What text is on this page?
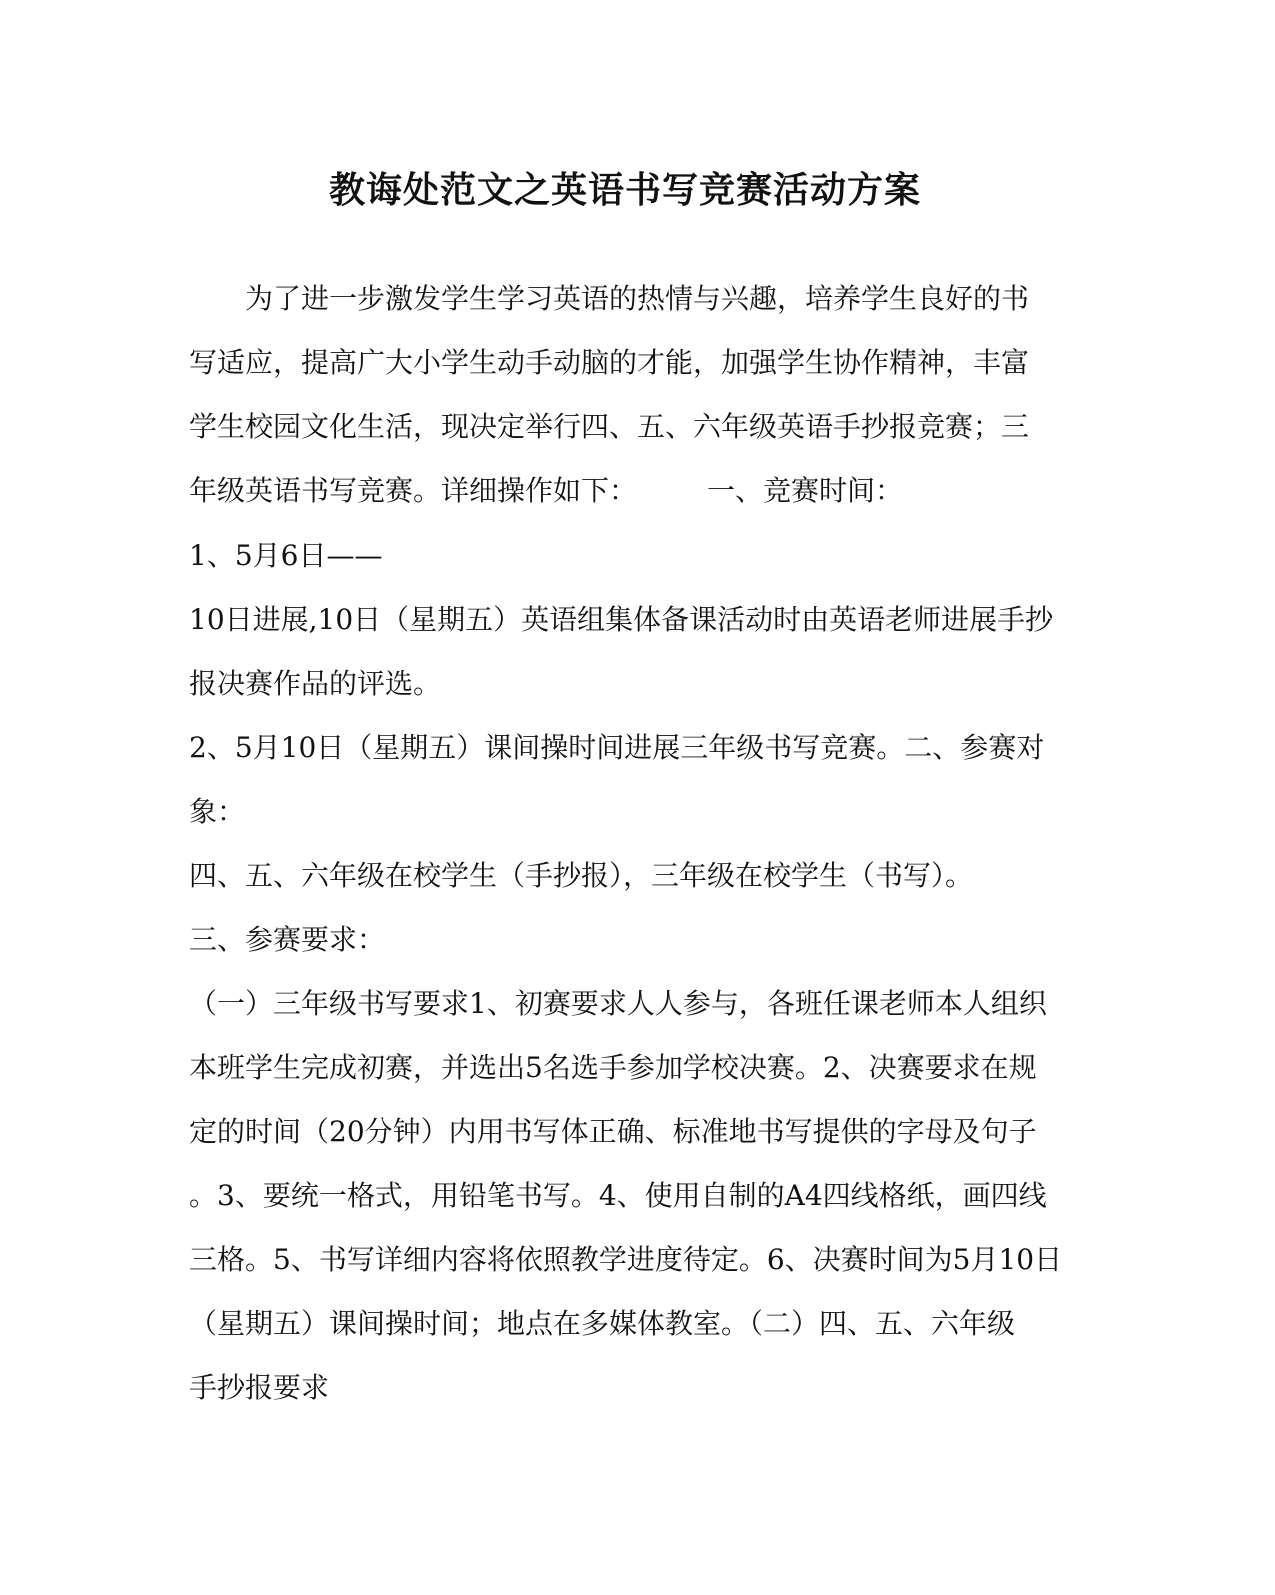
教诲处范文之英语书写竞赛活动方案

　　为了进一步激发学生学习英语的热情与兴趣，培养学生良好的书

写适应，提高广大小学生动手动脑的才能，加强学生协作精神，丰富

学生校园文化生活，现决定举行四、五、六年级英语手抄报竞赛；三

年级英语书写竞赛。详细操作如下：　　　一、竞赛时间：

1、5月6日——

10日进展,10日（星期五）英语组集体备课活动时由英语老师进展手抄

报决赛作品的评选。

2、5月10日（星期五）课间操时间进展三年级书写竞赛。二、参赛对

象：

四、五、六年级在校学生（手抄报），三年级在校学生（书写）。

三、参赛要求：

（一）三年级书写要求1、初赛要求人人参与，各班任课老师本人组织

本班学生完成初赛，并选出5名选手参加学校决赛。2、决赛要求在规

定的时间（20分钟）内用书写体正确、标准地书写提供的字母及句子

。3、要统一格式，用铅笔书写。4、使用自制的A4四线格纸，画四线

三格。5、书写详细内容将依照教学进度待定。6、决赛时间为5月10日

（星期五）课间操时间；地点在多媒体教室。（二）四、五、六年级

手抄报要求
